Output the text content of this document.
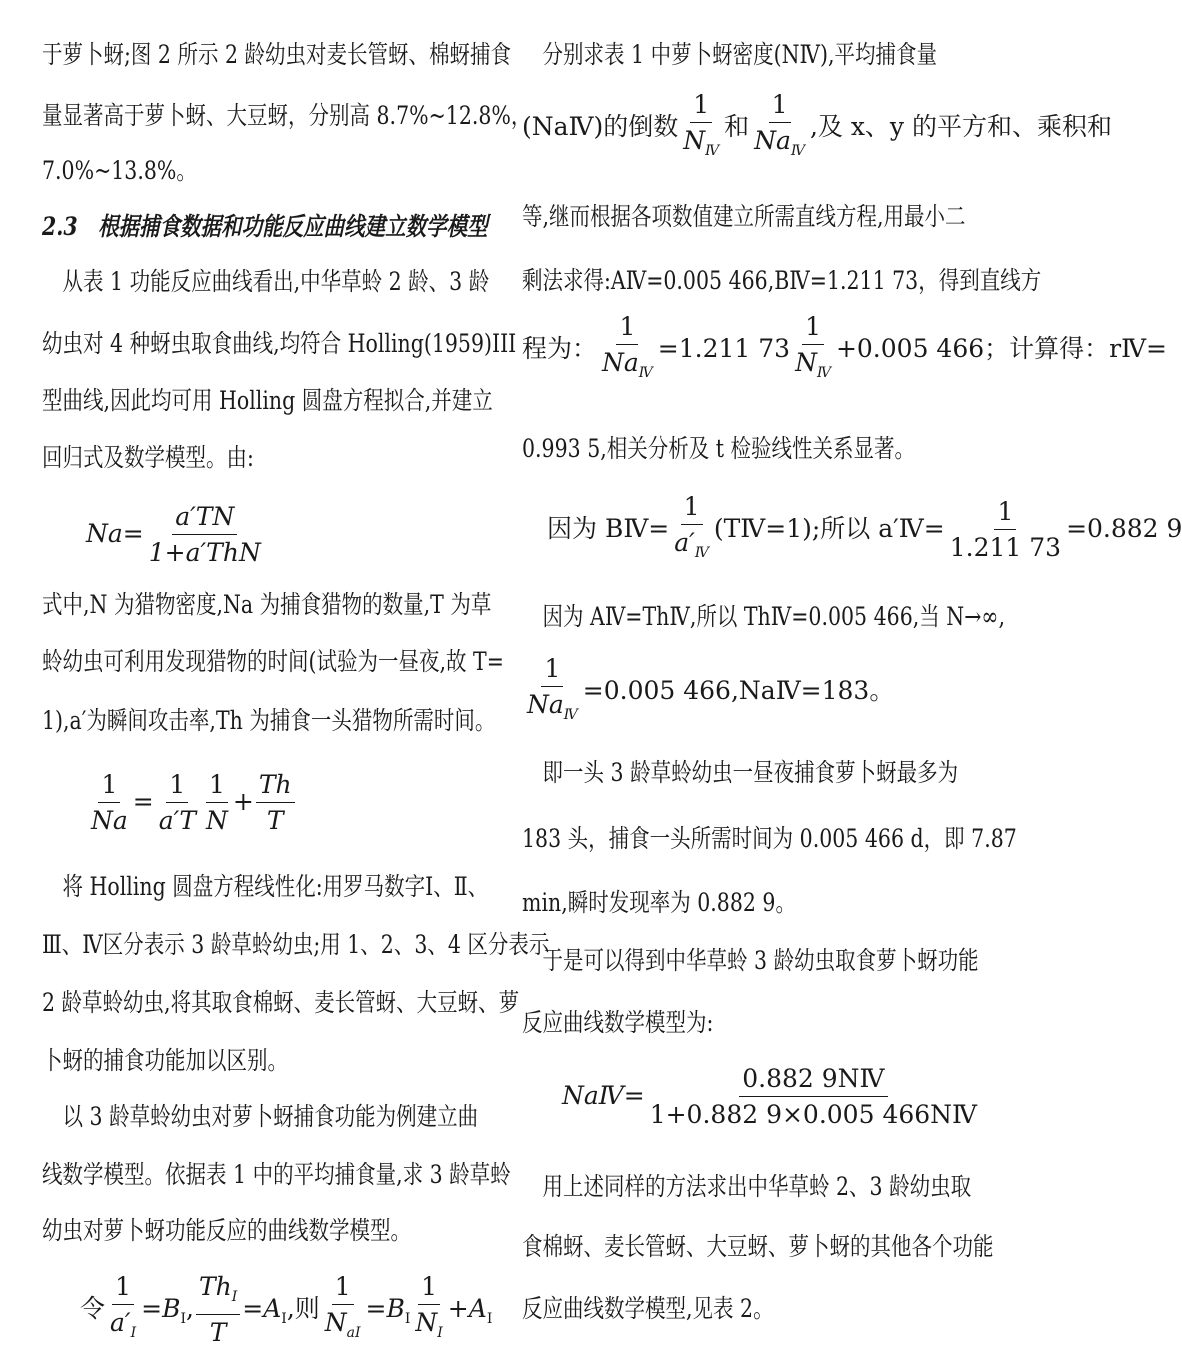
于萝卜蚜;图 2 所示 2 龄幼虫对麦长管蚜、棉蚜捕食
量显著高于萝卜蚜、大豆蚜，分别高 8.7%~12.8%，
7.0%~13.8%。
2.3　根据捕食数据和功能反应曲线建立数学模型
　从表 1 功能反应曲线看出,中华草蛉 2 龄、3 龄
幼虫对 4 种蚜虫取食曲线,均符合 Holling(1959)III
型曲线,因此均可用 Holling 圆盘方程拟合,并建立
回归式及数学模型。由:
$Na= \frac{a'TN}{\text{1+a′ThN}}$
式中,N 为猎物密度,Na 为捕食猎物的数量,T 为草
蛉幼虫可利用发现猎物的时间(试验为一昼夜,故 T=
1),a′为瞬间攻击率,Th 为捕食一头猎物所需时间。
$\frac{1}{Na} = \frac{1}{a'T} \frac{1}{N} + \frac{Th}{T}$
　将 Holling 圆盘方程线性化:用罗马数字Ⅰ、Ⅱ、
Ⅲ、Ⅳ区分表示 3 龄草蛉幼虫;用 1、2、3、4 区分表示
2 龄草蛉幼虫,将其取食棉蚜、麦长管蚜、大豆蚜、萝
卜蚜的捕食功能加以区别。
　以 3 龄草蛉幼虫对萝卜蚜捕食功能为例建立曲
线数学模型。依据表 1 中的平均捕食量,求 3 龄草蛉
幼虫对萝卜蚜功能反应的曲线数学模型。
令 $\frac{1}{a'_I} =B_I$, $\frac{Th_I}{T} =A_I$,则 $\frac{1}{N_{aI}} =B_I \frac{1}{N_I} +A_I$
　分别求表 1 中萝卜蚜密度(NⅣ),平均捕食量
(NaⅣ)的倒数 $\frac{1}{N_Ⅳ}$ 和 $\frac{1}{Na_Ⅳ}$ ,及 x、y 的平方和、乘积和
等,继而根据各项数值建立所需直线方程,用最小二
剩法求得:AⅣ=0.005 466,BⅣ=1.211 73，得到直线方
程为： $\frac{1}{Na_Ⅳ} =1.211$ $73 \frac{1}{N_Ⅳ} +0.005$ 466；计算得：rⅣ=
0.993 5,相关分析及 t 检验线性关系显著。
　因为 BⅣ= $\frac{1}{a'_Ⅳ}$ (TⅣ=1);所以 a′Ⅳ= $\frac{1}{1.211 73} =0.882$ 9
　因为 AⅣ=ThⅣ,所以 ThⅣ=0.005 466,当 N→∞,
$\frac{1}{Na_Ⅳ} =0.005$ 466,NaⅣ=183。
　即一头 3 龄草蛉幼虫一昼夜捕食萝卜蚜最多为
183 头，捕食一头所需时间为 0.005 466 d，即 7.87
min,瞬时发现率为 0.882 9。
　于是可以得到中华草蛉 3 龄幼虫取食萝卜蚜功能
反应曲线数学模型为:
NaⅣ= $\frac{\text{0.882 9NⅣ}}{\text{1+0.882 9×0.005 466NⅣ}}$
　用上述同样的方法求出中华草蛉 2、3 龄幼虫取
食棉蚜、麦长管蚜、大豆蚜、萝卜蚜的其他各个功能
反应曲线数学模型,见表 2。
